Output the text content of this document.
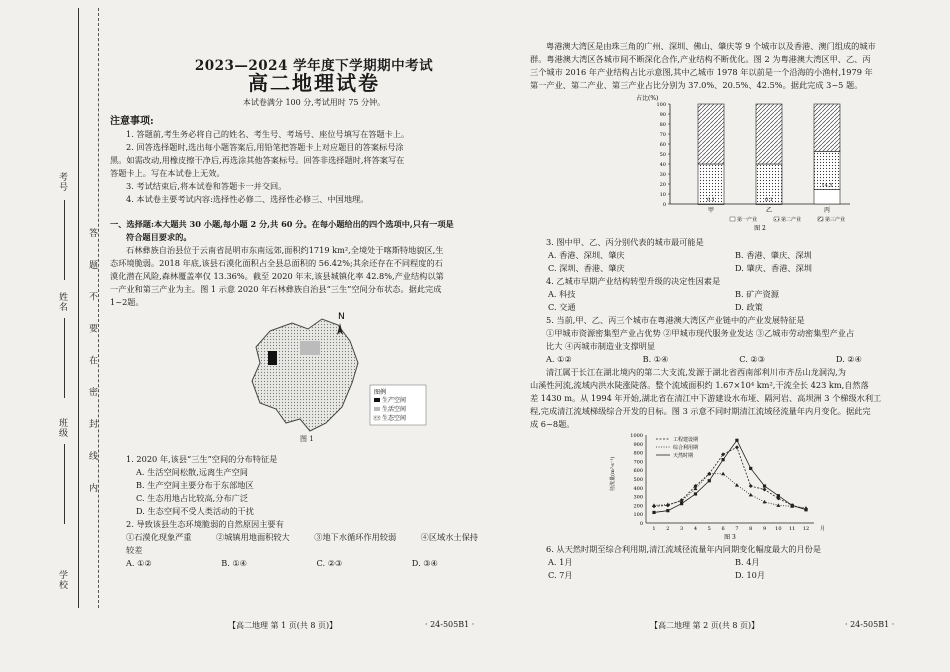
考号
姓名
班级
学校
答 题 不 要 在 密 封 线 内
2023—2024 学年度下学期期中考试
高二地理试卷
本试卷满分 100 分,考试用时 75 分钟。
注意事项:

1. 答题前,考生务必将自己的姓名、考生号、考场号、座位号填写在答题卡上。

2. 回答选择题时,选出每小题答案后,用铅笔把答题卡上对应题目的答案标号涂

黑。如需改动,用橡皮擦干净后,再选涂其他答案标号。回答非选择题时,将答案写在

答题卡上。写在本试卷上无效。

3. 考试结束后,将本试卷和答题卡一并交回。

4. 本试卷主要考试内容:选择性必修二、选择性必修三、中国地理。

一、选择题:本大题共 30 小题,每小题 2 分,共 60 分。在每小题给出的四个选项中,只有一项是

符合题目要求的。

石林彝族自治县位于云南省昆明市东南远郊,面积约1719 km²,全境处于喀斯特地貌区,生

态环境脆弱。2018 年底,该县石漠化面积占全县总面积的 56.42%;其余还存在不同程度的石

漠化潜在风险,森林覆盖率仅 13.36%。截至 2020 年末,该县城镇化率 42.8%,产业结构以第

一产业和第三产业为主。图 1 示意 2020 年石林彝族自治县“三生”空间分布状态。据此完成

1~2题。

N
图例
生产空间
生活空间
生态空间
图 1

1. 2020 年,该县“三生”空间的分布特征是

A. 生活空间松散,远离生产空间

B. 生产空间主要分布于东部地区

C. 生态用地占比较高,分布广泛

D. 生态空间不受人类活动的干扰

2. 导致该县生态环境脆弱的自然原因主要有

①石漠化现象严重	②城镇用地面积较大	③地下水循环作用较弱	④区域水土保持

较差

A. ①②	B. ①④	C. ②③	D. ③④
【高二地理 第 1 页(共 8 页)】	· 24-505B1 ·

粤港澳大湾区是由珠三角的广州、深圳、佛山、肇庆等 9 个城市以及香港、澳门组成的城市

群。粤港澳大湾区各城市间不断深化合作,产业结构不断优化。图 2 为粤港澳大湾区甲、乙、丙

三个城市 2016 年产业结构占比示意图,其中乙城市 1978 年以前是一个沿海的小渔村,1979 年

第一产业、第二产业、第三产业占比分别为 37.0%、20.5%、42.5%。据此完成 3~5 题。

占比(%)
0
10
20
30
40
50
60
70
80
90
100
0.1
甲
0.1
乙
14.5
丙
第一产业	第二产业	第三产业
图 2

3. 图中甲、乙、丙分别代表的城市最可能是

A. 香港、深圳、肇庆	B. 香港、肇庆、深圳
C. 深圳、香港、肇庆	D. 肇庆、香港、深圳

4. 乙城市早期产业结构转型升级的决定性因素是

A. 科技	B. 矿产资源
C. 交通	D. 政策

5. 当前,甲、乙、丙三个城市在粤港澳大湾区产业链中的产业发展特征是

①甲城市资源密集型产业占优势 ②甲城市现代服务业发达 ③乙城市劳动密集型产业占

比大 ④丙城市制造业支撑明显

A. ①②	B. ①④	C. ②③	D. ②④

清江属于长江在湖北境内的第二大支流,发源于湖北省西南部利川市齐岳山龙洞沟,为

山溪性河流,流域内洪水陡涨陡落。整个流域面积约 1.67×10⁴ km²,干流全长 423 km,自然落

差 1430 m。从 1994 年开始,湖北省在清江中下游建设水布垭、隔河岩、高坝洲 3 个梯级水利工

程,完成清江流域梯级综合开发的目标。图 3 示意不同时期清江流域径流量年内月变化。据此完

成 6~8题。

径流量(m³·s⁻¹)
0
100
200
300
400
500
600
700
800
900
1000
1 2 3 4 5 6 7 8 9 10 11 12 月
工程建设期
综合利用期
天然时期
图 3

6. 从天然时期至综合利用期,清江流域径流量年内同期变化幅度最大的月份是

A. 1月	B. 4月
C. 7月	D. 10月
【高二地理 第 2 页(共 8 页)】	· 24-505B1 ·
